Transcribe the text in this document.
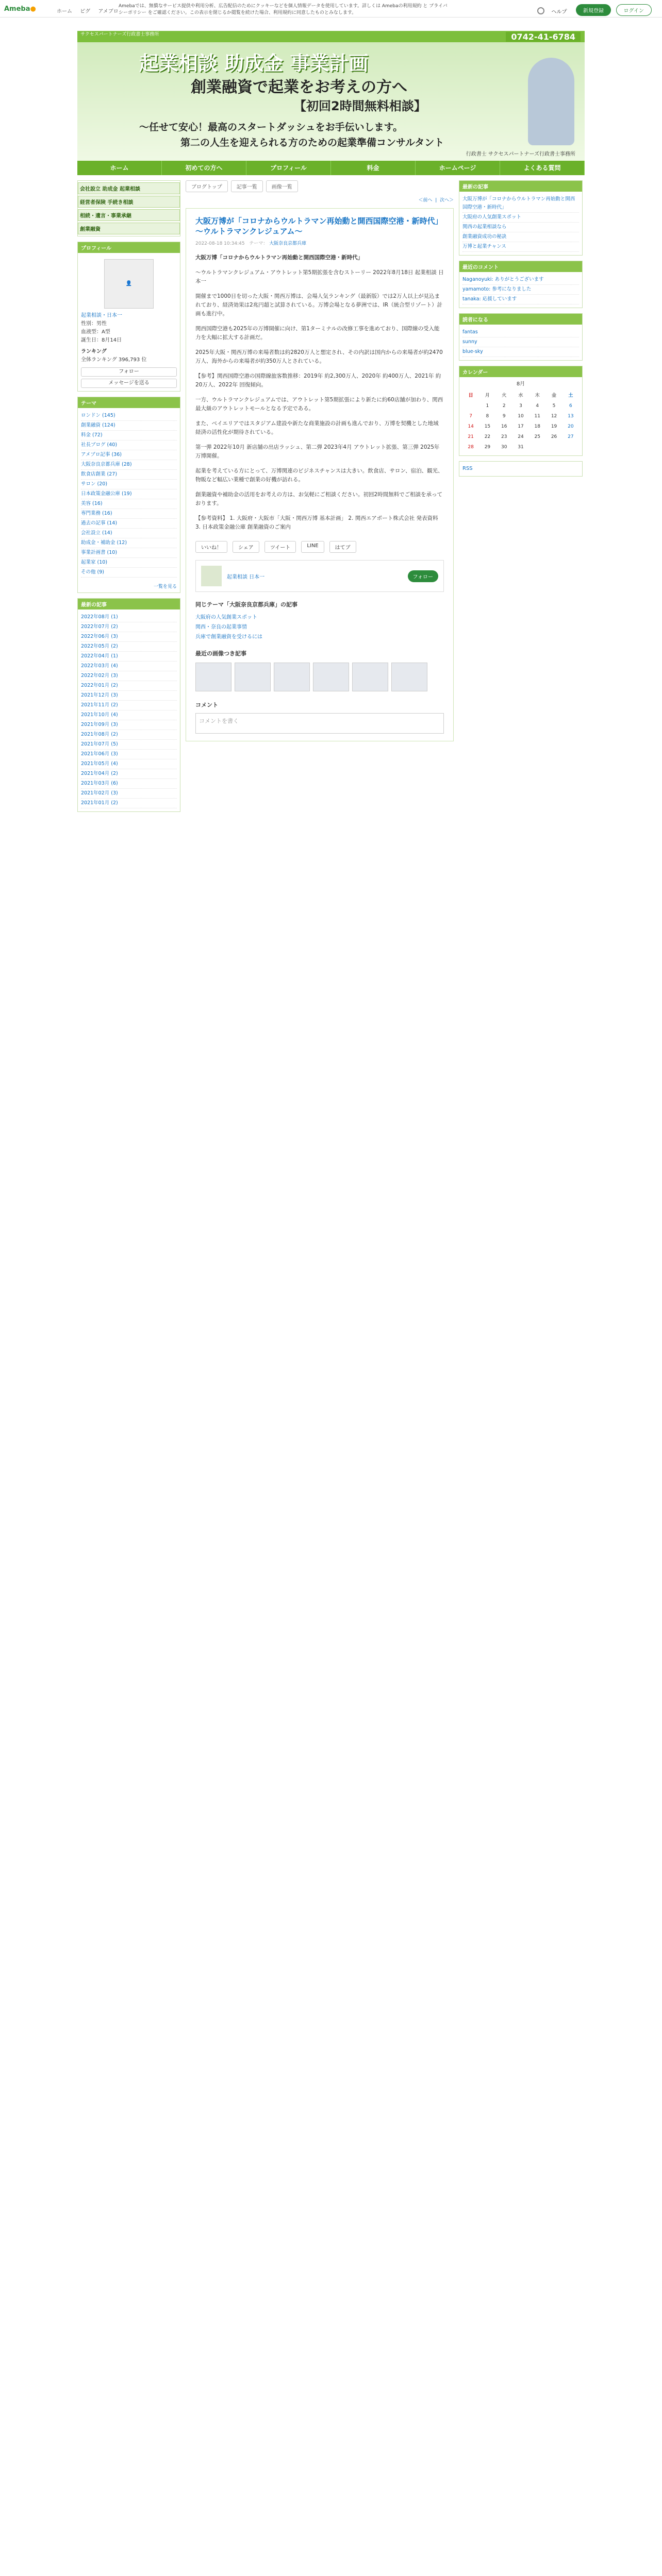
Ameba●	ホーム ピグ アメブロ
Amebaでは、無償なサービス提供や利用分析、広告配信のためにクッキーなどを個人情報データを使用しています。詳しくは Amebaの利用規約 と プライバシーポリシー をご確認ください。この表示を閉じるか閲覧を続けた場合、利用規約に同意したものとみなします。	ヘルプ	新規登録	ログイン
サクセスパートナーズ行政書士事務所	0742-41-6784
起業相談 助成金 事業計画
創業融資で起業をお考えの方へ
【初回2時間無料相談】
～任せて安心！最高のスタートダッシュをお手伝いします。
第二の人生を迎えられる方のための起業準備コンサルタント
行政書士 サクセスパートナーズ行政書士事務所
ホーム	初めての方へ	プロフィール	料金	ホームページ	よくある質問
会社設立 助成金 起業相談
経営者保険 手続き相談
相続・遺言・事業承継
創業融資
プロフィール
👤
起業相談・日本一
性別：男性
血液型：A型
誕生日：8月14日
ランキング
全体ランキング 396,793 位
フォロー
メッセージを送る
テーマ
ロンドン (145)
創業融資 (124)
料金 (72)
社長ブログ (40)
アメブロ記事 (36)
大阪奈良京都兵庫 (28)
飲食店創業 (27)
サロン (20)
日本政策金融公庫 (19)
美容 (16)
専門業務 (16)
過去の記事 (14)
会社設立 (14)
助成金・補助金 (12)
事業計画書 (10)
起業家 (10)
その他 (9)
一覧を見る
最新の記事
2022年08月 (1)
2022年07月 (2)
2022年06月 (3)
2022年05月 (2)
2022年04月 (1)
2022年03月 (4)
2022年02月 (3)
2022年01月 (2)
2021年12月 (3)
2021年11月 (2)
2021年10月 (4)
2021年09月 (3)
2021年08月 (2)
2021年07月 (5)
2021年06月 (3)
2021年05月 (4)
2021年04月 (2)
2021年03月 (6)
2021年02月 (3)
2021年01月 (2)
ブログトップ	記事一覧	画像一覧
＜前へ  |  次へ＞
大阪万博が「コロナからウルトラマン再始動と開西国際空港・新時代」 ～ウルトラマンクレジュアム～
2022-08-18 10:34:45 テーマ： 大阪奈良京都兵庫

大阪万博「コロナからウルトラマン再始動と開西国際空港・新時代」

～ウルトラマンクレジュアム・アウトレット第5期拡張を含むストーリー 2022年8月18日 起業相談 日本一

開催まで1000日を切った大阪・関西万博は、会場人気ランキング（最新版）では2万人以上が見込まれており、経済効果は2兆円超と試算されている。万博会場となる夢洲では、IR（統合型リゾート）計画も進行中。

関西国際空港も2025年の万博開催に向け、第1ターミナルの改修工事を進めており、国際線の受入能力を大幅に拡大する計画だ。

2025年大阪・関西万博の来場者数は約2820万人と想定され、その内訳は国内からの来場者が約2470万人、海外からの来場者が約350万人とされている。

【参考】関西国際空港の国際線旅客数推移：2019年 約2,300万人、2020年 約400万人、2021年 約20万人、2022年 回復傾向。

一方、ウルトラマンクレジュアムでは、アウトレット第5期拡張により新たに約60店舗が加わり、関西最大級のアウトレットモールとなる予定である。

また、ベイエリアではスタジアム建設や新たな商業施設の計画も進んでおり、万博を契機とした地域経済の活性化が期待されている。

第一弾 2022年10月 新店舗の出店ラッシュ、第二弾 2023年4月 アウトレット拡張、第三弾 2025年 万博開催。

起業を考えている方にとって、万博関連のビジネスチャンスは大きい。飲食店、サロン、宿泊、観光、物販など幅広い業種で創業の好機が訪れる。

創業融資や補助金の活用をお考えの方は、お気軽にご相談ください。初回2時間無料でご相談を承っております。

【参考資料】 1. 大阪府・大阪市「大阪・関西万博 基本計画」 2. 関西エアポート株式会社 発表資料 3. 日本政策金融公庫 創業融資のご案内

いいね！	シェア	ツイート	LINE	はてブ
起業相談 日本一	フォロー
同じテーマ「大阪奈良京都兵庫」の記事
大阪府の人気創業スポット
関西・奈良の起業事情
兵庫で創業融資を受けるには
最近の画像つき記事
コメント
コメントを書く
最新の記事
大阪万博が「コロナからウルトラマン再始動と開西国際空港・新時代」
大阪府の人気創業スポット
関西の起業相談なら
創業融資成功の秘訣
万博と起業チャンス
最近のコメント
Naganoyuki: ありがとうございます
yamamoto: 参考になりました
tanaka: 応援しています
読者になる
fantas
sunny
blue-sky
カレンダー
8月
日	月	火	水	木	金	土
	1	2	3	4	5	6
7	8	9	10	11	12	13
14	15	16	17	18	19	20
21	22	23	24	25	26	27
28	29	30	31			
RSS
